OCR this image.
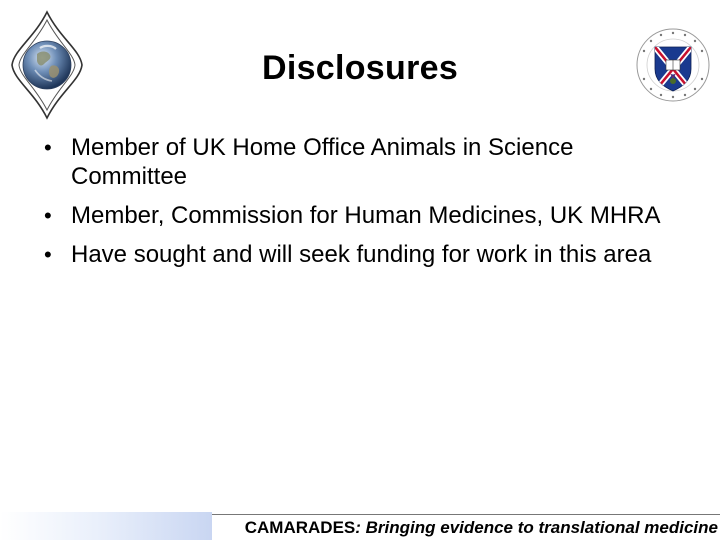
Disclosures
• Member of UK Home Office Animals in Science Committee
• Member, Commission for Human Medicines, UK MHRA
• Have sought and will seek funding for work in this area
CAMARADES: Bringing evidence to translational medicine
